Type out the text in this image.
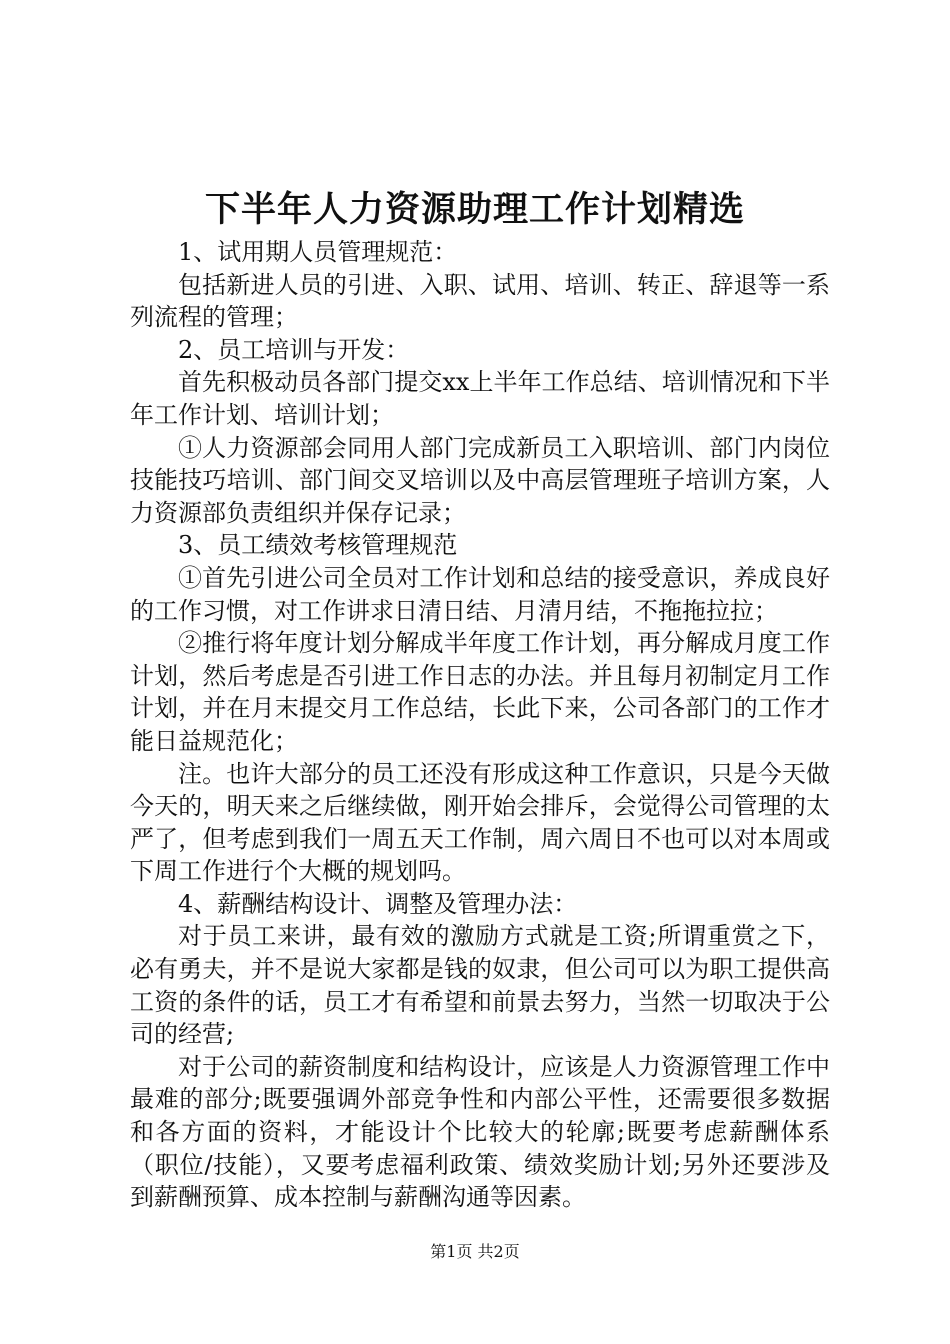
下半年人力资源助理工作计划精选

1、试用期人员管理规范：

包括新进人员的引进、入职、试用、培训、转正、辞退等一系列流程的管理；

2、员工培训与开发：

首先积极动员各部门提交xx上半年工作总结、培训情况和下半年工作计划、培训计划；

①人力资源部会同用人部门完成新员工入职培训、部门内岗位技能技巧培训、部门间交叉培训以及中高层管理班子培训方案，人力资源部负责组织并保存记录；

3、员工绩效考核管理规范

①首先引进公司全员对工作计划和总结的接受意识，养成良好的工作习惯，对工作讲求日清日结、月清月结，不拖拖拉拉；

②推行将年度计划分解成半年度工作计划，再分解成月度工作计划，然后考虑是否引进工作日志的办法。并且每月初制定月工作计划，并在月末提交月工作总结，长此下来，公司各部门的工作才能日益规范化；

注。也许大部分的员工还没有形成这种工作意识，只是今天做今天的，明天来之后继续做，刚开始会排斥，会觉得公司管理的太严了，但考虑到我们一周五天工作制，周六周日不也可以对本周或下周工作进行个大概的规划吗。

4、薪酬结构设计、调整及管理办法：

对于员工来讲，最有效的激励方式就是工资;所谓重赏之下，必有勇夫，并不是说大家都是钱的奴隶，但公司可以为职工提供高工资的条件的话，员工才有希望和前景去努力，当然一切取决于公司的经营;

对于公司的薪资制度和结构设计，应该是人力资源管理工作中最难的部分;既要强调外部竞争性和内部公平性，还需要很多数据和各方面的资料，才能设计个比较大的轮廓;既要考虑薪酬体系（职位/技能），又要考虑福利政策、绩效奖励计划;另外还要涉及到薪酬预算、成本控制与薪酬沟通等因素。

第1页 共2页
